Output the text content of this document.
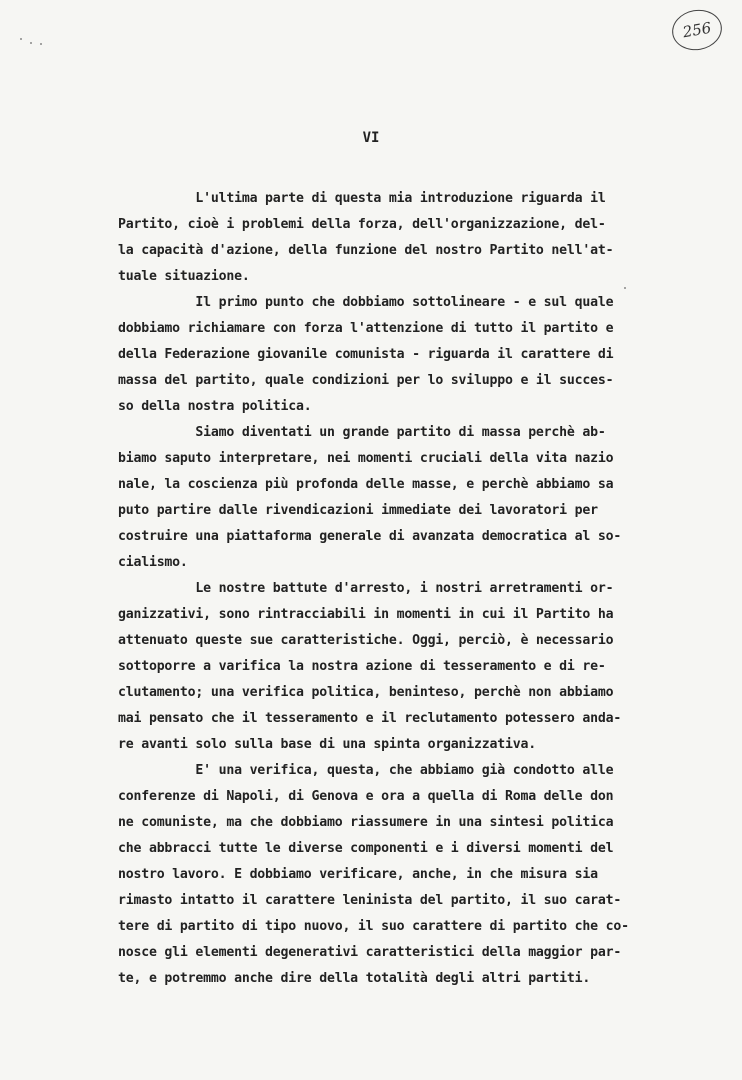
256
VI
L'ultima parte di questa mia introduzione riguarda il
Partito, cioè i problemi della forza, dell'organizzazione, del-
la capacità d'azione, della funzione del nostro Partito nell'at-
tuale situazione.
Il primo punto che dobbiamo sottolineare - e sul quale
dobbiamo richiamare con forza l'attenzione di tutto il partito e
della Federazione giovanile comunista - riguarda il carattere di
massa del partito, quale condizioni per lo sviluppo e il succes-
so della nostra politica.
Siamo diventati un grande partito di massa perchè ab-
biamo saputo interpretare, nei momenti cruciali della vita nazio
nale, la coscienza più profonda delle masse, e perchè abbiamo sa
puto partire dalle rivendicazioni immediate dei lavoratori per
costruire una piattaforma generale di avanzata democratica al so-
cialismo.
Le nostre battute d'arresto, i nostri arretramenti or-
ganizzativi, sono rintracciabili in momenti in cui il Partito ha
attenuato queste sue caratteristiche. Oggi, perciò, è necessario
sottoporre a varifica la nostra azione di tesseramento e di re-
clutamento; una verifica politica, beninteso, perchè non abbiamo
mai pensato che il tesseramento e il reclutamento potessero anda-
re avanti solo sulla base di una spinta organizzativa.
E' una verifica, questa, che abbiamo già condotto alle
conferenze di Napoli, di Genova e ora a quella di Roma delle don
ne comuniste, ma che dobbiamo riassumere in una sintesi politica
che abbracci tutte le diverse componenti e i diversi momenti del
nostro lavoro. E dobbiamo verificare, anche, in che misura sia
rimasto intatto il carattere leninista del partito, il suo carat-
tere di partito di tipo nuovo, il suo carattere di partito che co-
nosce gli elementi degenerativi caratteristici della maggior par-
te, e potremmo anche dire della totalità degli altri partiti.
